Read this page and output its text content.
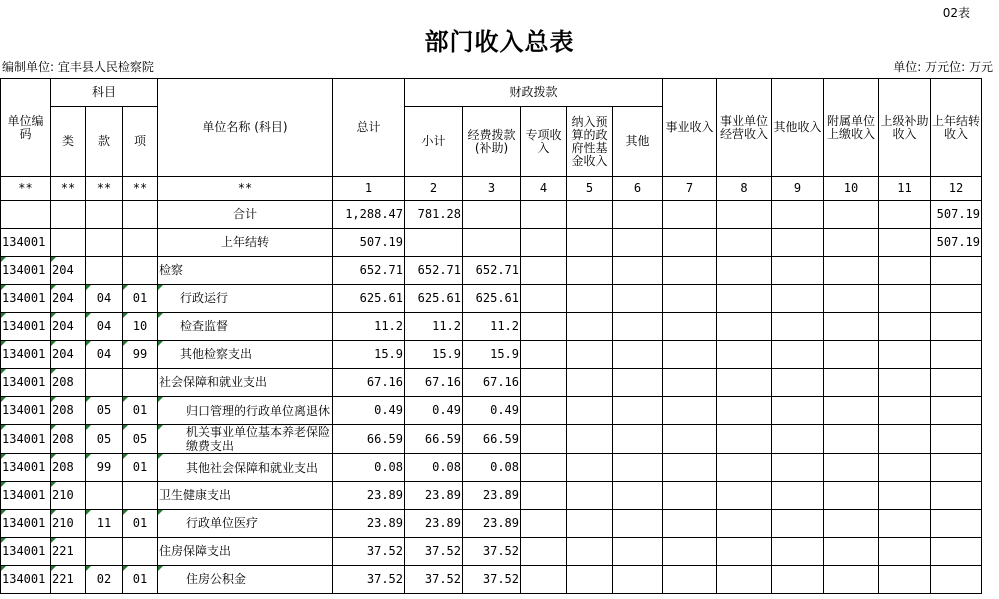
02表
部门收入总表
编制单位: 宜丰县人民检察院	单位: 万元位: 万元
单位编码	科目			单位名称 (科目)	总计	财政拨款					事业收入	事业单位经营收入	其他收入	附属单位上缴收入	上级补助收入	上年结转收入
	类	款	项			小计	经费拨款 (补助)	专项收入	纳入预算的政府性基金收入	其他						
**	**	**	**	**	1	2	3	4	5	6	7	8	9	10	11	12
				合计	1,288.47	781.28										507.19
134001				上年结转	507.19											507.19
134001	204			检察	652.71	652.71	652.71									
134001	204	04	01	行政运行	625.61	625.61	625.61									
134001	204	04	10	检查监督	11.2	11.2	11.2									
134001	204	04	99	其他检察支出	15.9	15.9	15.9									
134001	208			社会保障和就业支出	67.16	67.16	67.16									
134001	208	05	01	归口管理的行政单位离退休	0.49	0.49	0.49									
134001	208	05	05	机关事业单位基本养老保险缴费支出	66.59	66.59	66.59									
134001	208	99	01	其他社会保障和就业支出	0.08	0.08	0.08									
134001	210			卫生健康支出	23.89	23.89	23.89									
134001	210	11	01	行政单位医疗	23.89	23.89	23.89									
134001	221			住房保障支出	37.52	37.52	37.52									
134001	221	02	01	住房公积金	37.52	37.52	37.52									
